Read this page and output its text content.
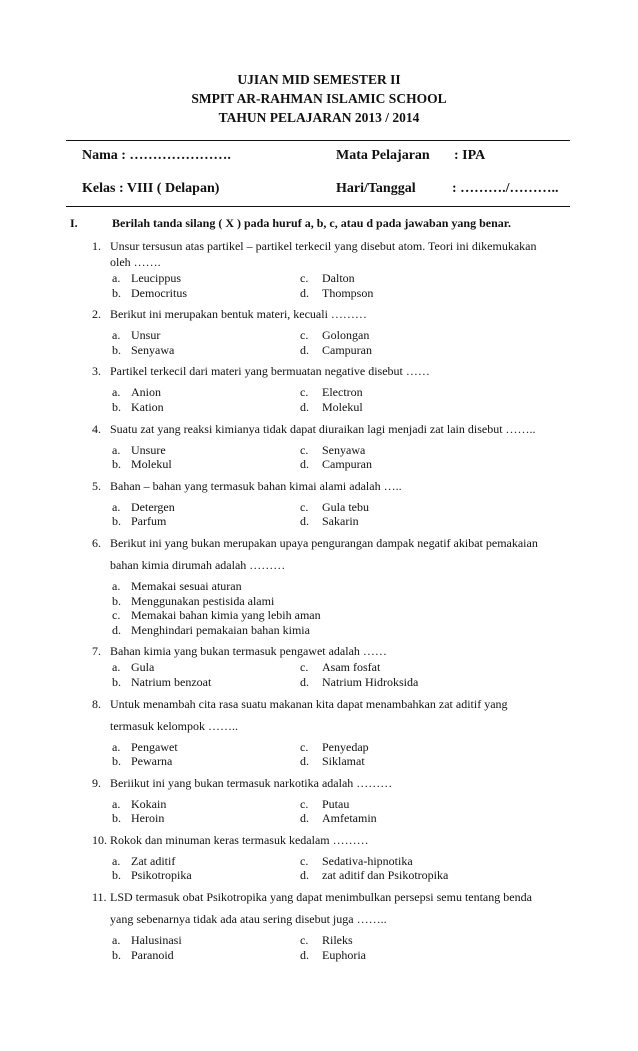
UJIAN MID SEMESTER II
SMPIT AR-RAHMAN ISLAMIC SCHOOL
TAHUN PELAJARAN 2013 / 2014
Nama : ………………….	Mata Pelajaran : IPA
Kelas : VIII ( Delapan)	Hari/Tanggal	: ………./………..
I.	Berilah tanda silang ( X ) pada huruf a, b, c, atau d pada jawaban yang benar.
1. Unsur tersusun atas partikel – partikel terkecil yang disebut atom. Teori ini dikemukakan
oleh …….
a. Leucippus	c. Dalton
b. Democritus	d. Thompson
2. Berikut ini merupakan bentuk materi, kecuali ………
a. Unsur	c. Golongan
b. Senyawa	d. Campuran
3. Partikel terkecil dari materi yang bermuatan negative disebut ……
a. Anion	c. Electron
b. Kation	d. Molekul
4. Suatu zat yang reaksi kimianya tidak dapat diuraikan lagi menjadi zat lain disebut ……..
a. Unsure	c. Senyawa
b. Molekul	d. Campuran
5. Bahan – bahan yang termasuk bahan kimai alami adalah …..
a. Detergen	c. Gula tebu
b. Parfum	d. Sakarin
6. Berikut ini yang bukan merupakan upaya pengurangan dampak negatif akibat pemakaian
bahan kimia dirumah adalah ………
a. Memakai sesuai aturan
b. Menggunakan pestisida alami
c. Memakai bahan kimia yang lebih aman
d. Menghindari pemakaian bahan kimia
7. Bahan kimia yang bukan termasuk pengawet adalah ……
a. Gula	c. Asam fosfat
b. Natrium benzoat	d. Natrium Hidroksida
8. Untuk menambah cita rasa suatu makanan kita dapat menambahkan zat aditif yang
termasuk kelompok ……..
a. Pengawet	c. Penyedap
b. Pewarna	d. Siklamat
9. Beriikut ini yang bukan termasuk narkotika adalah ………
a. Kokain	c. Putau
b. Heroin	d. Amfetamin
10. Rokok dan minuman keras termasuk kedalam ………
a. Zat aditif	c. Sedativa-hipnotika
b. Psikotropika	d. zat aditif dan Psikotropika
11. LSD termasuk obat Psikotropika yang dapat menimbulkan persepsi semu tentang benda
yang sebenarnya tidak ada atau sering disebut juga ……..
a. Halusinasi	c. Rileks
b. Paranoid	d. Euphoria
